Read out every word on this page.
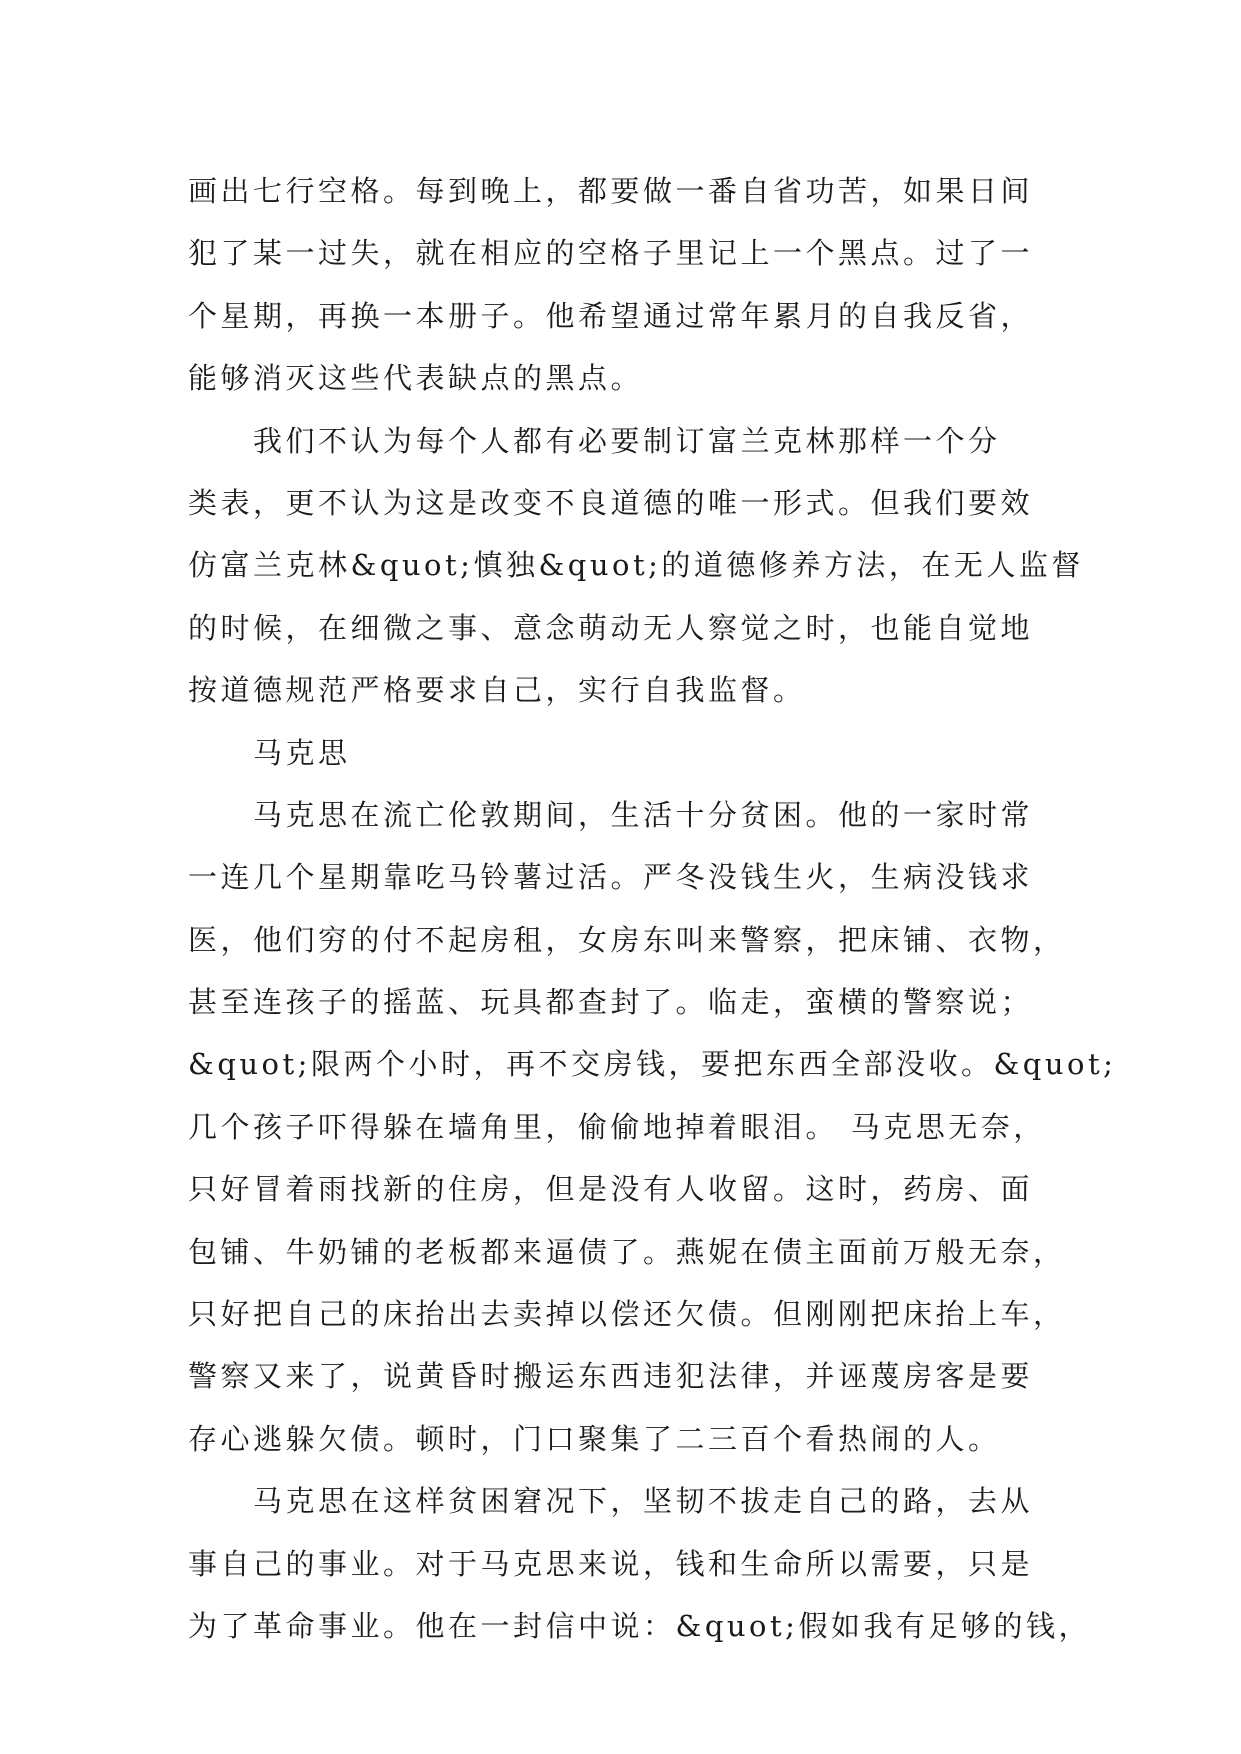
画出七行空格。每到晚上，都要做一番自省功苦，如果日间
犯了某一过失，就在相应的空格子里记上一个黑点。过了一
个星期，再换一本册子。他希望通过常年累月的自我反省，
能够消灭这些代表缺点的黑点。
我们不认为每个人都有必要制订富兰克林那样一个分
类表，更不认为这是改变不良道德的唯一形式。但我们要效
仿富兰克林&quot;慎独&quot;的道德修养方法，在无人监督
的时候，在细微之事、意念萌动无人察觉之时，也能自觉地
按道德规范严格要求自己，实行自我监督。
马克思
马克思在流亡伦敦期间，生活十分贫困。他的一家时常
一连几个星期靠吃马铃薯过活。严冬没钱生火，生病没钱求
医，他们穷的付不起房租，女房东叫来警察，把床铺、衣物，
甚至连孩子的摇蓝、玩具都查封了。临走，蛮横的警察说；
&quot;限两个小时，再不交房钱，要把东西全部没收。&quot;
几个孩子吓得躲在墙角里，偷偷地掉着眼泪。 马克思无奈，
只好冒着雨找新的住房，但是没有人收留。这时，药房、面
包铺、牛奶铺的老板都来逼债了。燕妮在债主面前万般无奈，
只好把自己的床抬出去卖掉以偿还欠债。但刚刚把床抬上车，
警察又来了，说黄昏时搬运东西违犯法律，并诬蔑房客是要
存心逃躲欠债。顿时，门口聚集了二三百个看热闹的人。
马克思在这样贫困窘况下，坚韧不拔走自己的路，去从
事自己的事业。对于马克思来说，钱和生命所以需要，只是
为了革命事业。他在一封信中说：&quot;假如我有足够的钱，
